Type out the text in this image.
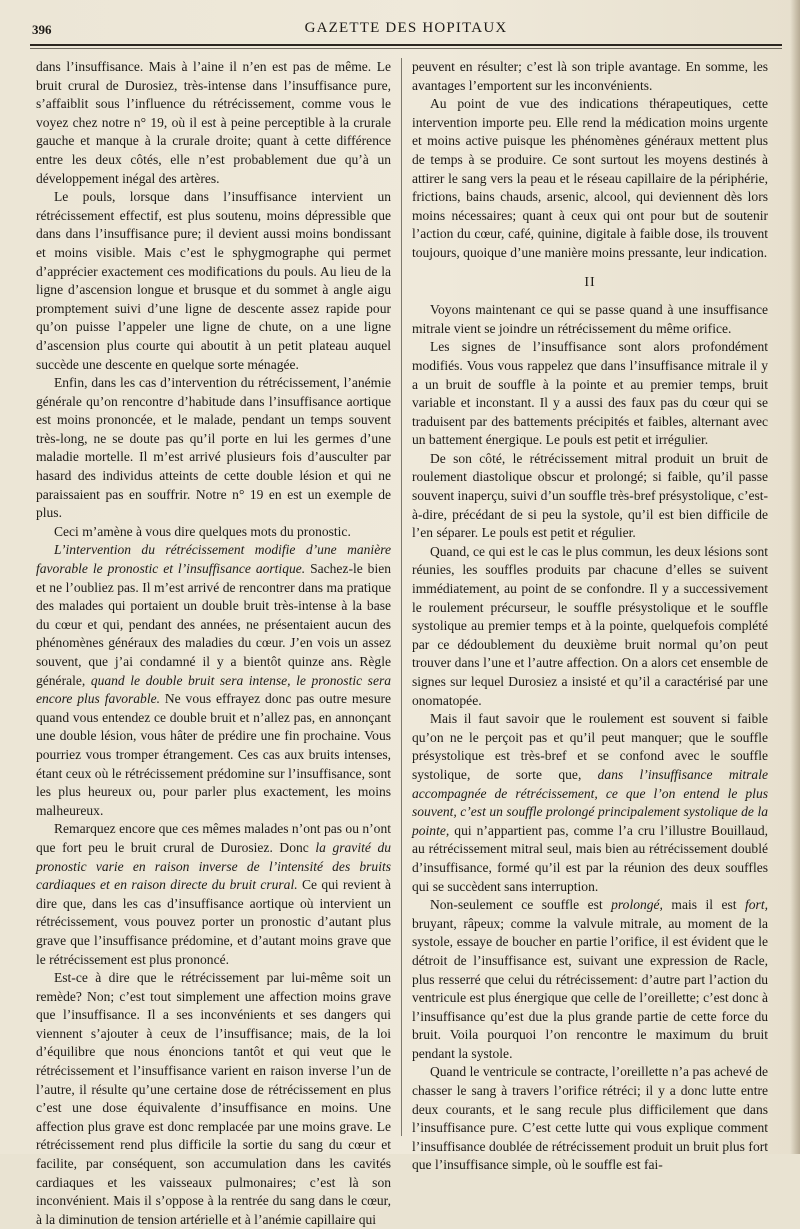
396	GAZETTE DES HOPITAUX

dans l’insuffisance. Mais à l’aine il n’en est pas de même. Le bruit crural de Durosiez, très-intense dans l’insuffisance pure, s’affaiblit sous l’influence du rétrécissement, comme vous le voyez chez notre n° 19, où il est à peine perceptible à la crurale gauche et manque à la crurale droite; quant à cette différence entre les deux côtés, elle n’est probablement due qu’à un développement inégal des artères.

Le pouls, lorsque dans l’insuffisance intervient un rétrécissement effectif, est plus soutenu, moins dépressible que dans dans l’insuffisance pure; il devient aussi moins bondissant et moins visible. Mais c’est le sphygmographe qui permet d’apprécier exactement ces modifications du pouls. Au lieu de la ligne d’ascension longue et brusque et du sommet à angle aigu promptement suivi d’une ligne de descente assez rapide pour qu’on puisse l’appeler une ligne de chute, on a une ligne d’ascension plus courte qui aboutit à un petit plateau auquel succède une descente en quelque sorte ménagée.

Enfin, dans les cas d’intervention du rétrécissement, l’anémie générale qu’on rencontre d’habitude dans l’insuffisance aortique est moins prononcée, et le malade, pendant un temps souvent très-long, ne se doute pas qu’il porte en lui les germes d’une maladie mortelle. Il m’est arrivé plusieurs fois d’ausculter par hasard des individus atteints de cette double lésion et qui ne paraissaient pas en souffrir. Notre n° 19 en est un exemple de plus.

Ceci m’amène à vous dire quelques mots du pronostic.

L’intervention du rétrécissement modifie d’une manière favorable le pronostic et l’insuffisance aortique. Sachez-le bien et ne l’oubliez pas. Il m’est arrivé de rencontrer dans ma pratique des malades qui portaient un double bruit très-intense à la base du cœur et qui, pendant des années, ne présentaient aucun des phénomènes généraux des maladies du cœur. J’en vois un assez souvent, que j’ai condamné il y a bientôt quinze ans. Règle générale, quand le double bruit sera intense, le pronostic sera encore plus favorable. Ne vous effrayez donc pas outre mesure quand vous entendez ce double bruit et n’allez pas, en annonçant une double lésion, vous hâter de prédire une fin prochaine. Vous pourriez vous tromper étrangement. Ces cas aux bruits intenses, étant ceux où le rétrécissement prédomine sur l’insuffisance, sont les plus heureux ou, pour parler plus exactement, les moins malheureux.

Remarquez encore que ces mêmes malades n’ont pas ou n’ont que fort peu le bruit crural de Durosiez. Donc la gravité du pronostic varie en raison inverse de l’intensité des bruits cardiaques et en raison directe du bruit crural. Ce qui revient à dire que, dans les cas d’insuffisance aortique où intervient un rétrécissement, vous pouvez porter un pronostic d’autant plus grave que l’insuffisance prédomine, et d’autant moins grave que le rétrécissement est plus prononcé.

Est-ce à dire que le rétrécissement par lui-même soit un remède? Non; c’est tout simplement une affection moins grave que l’insuffisance. Il a ses inconvénients et ses dangers qui viennent s’ajouter à ceux de l’insuffisance; mais, de la loi d’équilibre que nous énoncions tantôt et qui veut que le rétrécissement et l’insuffisance varient en raison inverse l’un de l’autre, il résulte qu’une certaine dose de rétrécissement en plus c’est une dose équivalente d’insuffisance en moins. Une affection plus grave est donc remplacée par une moins grave. Le rétrécissement rend plus difficile la sortie du sang du cœur et facilite, par conséquent, son accumulation dans les cavités cardiaques et les vaisseaux pulmonaires; c’est là son inconvénient. Mais il s’oppose à la rentrée du sang dans le cœur, à la diminution de tension artérielle et à l’anémie capillaire qui

peuvent en résulter; c’est là son triple avantage. En somme, les avantages l’emportent sur les inconvénients.

Au point de vue des indications thérapeutiques, cette intervention importe peu. Elle rend la médication moins urgente et moins active puisque les phénomènes généraux mettent plus de temps à se produire. Ce sont surtout les moyens destinés à attirer le sang vers la peau et le réseau capillaire de la périphérie, frictions, bains chauds, arsenic, alcool, qui deviennent dès lors moins nécessaires; quant à ceux qui ont pour but de soutenir l’action du cœur, café, quinine, digitale à faible dose, ils trouvent toujours, quoique d’une manière moins pressante, leur indication.

II

Voyons maintenant ce qui se passe quand à une insuffisance mitrale vient se joindre un rétrécissement du même orifice.

Les signes de l’insuffisance sont alors profondément modifiés. Vous vous rappelez que dans l’insuffisance mitrale il y a un bruit de souffle à la pointe et au premier temps, bruit variable et inconstant. Il y a aussi des faux pas du cœur qui se traduisent par des battements précipités et faibles, alternant avec un battement énergique. Le pouls est petit et irrégulier.

De son côté, le rétrécissement mitral produit un bruit de roulement diastolique obscur et prolongé; si faible, qu’il passe souvent inaperçu, suivi d’un souffle très-bref présystolique, c’est-à-dire, précédant de si peu la systole, qu’il est bien difficile de l’en séparer. Le pouls est petit et régulier.

Quand, ce qui est le cas le plus commun, les deux lésions sont réunies, les souffles produits par chacune d’elles se suivent immédiatement, au point de se confondre. Il y a successivement le roulement précurseur, le souffle présystolique et le souffle systolique au premier temps et à la pointe, quelquefois complété par ce dédoublement du deuxième bruit normal qu’on peut trouver dans l’une et l’autre affection. On a alors cet ensemble de signes sur lequel Durosiez a insisté et qu’il a caractérisé par une onomatopée.

Mais il faut savoir que le roulement est souvent si faible qu’on ne le perçoit pas et qu’il peut manquer; que le souffle présystolique est très-bref et se confond avec le souffle systolique, de sorte que, dans l’insuffisance mitrale accompagnée de rétrécissement, ce que l’on entend le plus souvent, c’est un souffle prolongé principalement systolique de la pointe, qui n’appartient pas, comme l’a cru l’illustre Bouillaud, au rétrécissement mitral seul, mais bien au rétrécissement doublé d’insuffisance, formé qu’il est par la réunion des deux souffles qui se succèdent sans interruption.

Non-seulement ce souffle est prolongé, mais il est fort, bruyant, râpeux; comme la valvule mitrale, au moment de la systole, essaye de boucher en partie l’orifice, il est évident que le détroit de l’insuffisance est, suivant une expression de Racle, plus resserré que celui du rétrécissement: d’autre part l’action du ventricule est plus énergique que celle de l’oreillette; c’est donc à l’insuffisance qu’est due la plus grande partie de cette force du bruit. Voila pourquoi l’on rencontre le maximum du bruit pendant la systole.

Quand le ventricule se contracte, l’oreillette n’a pas achevé de chasser le sang à travers l’orifice rétréci; il y a donc lutte entre deux courants, et le sang recule plus difficilement que dans l’insuffisance pure. C’est cette lutte qui vous explique comment l’insuffisance doublée de rétrécissement produit un bruit plus fort que l’insuffisance simple, où le souffle est fai-
